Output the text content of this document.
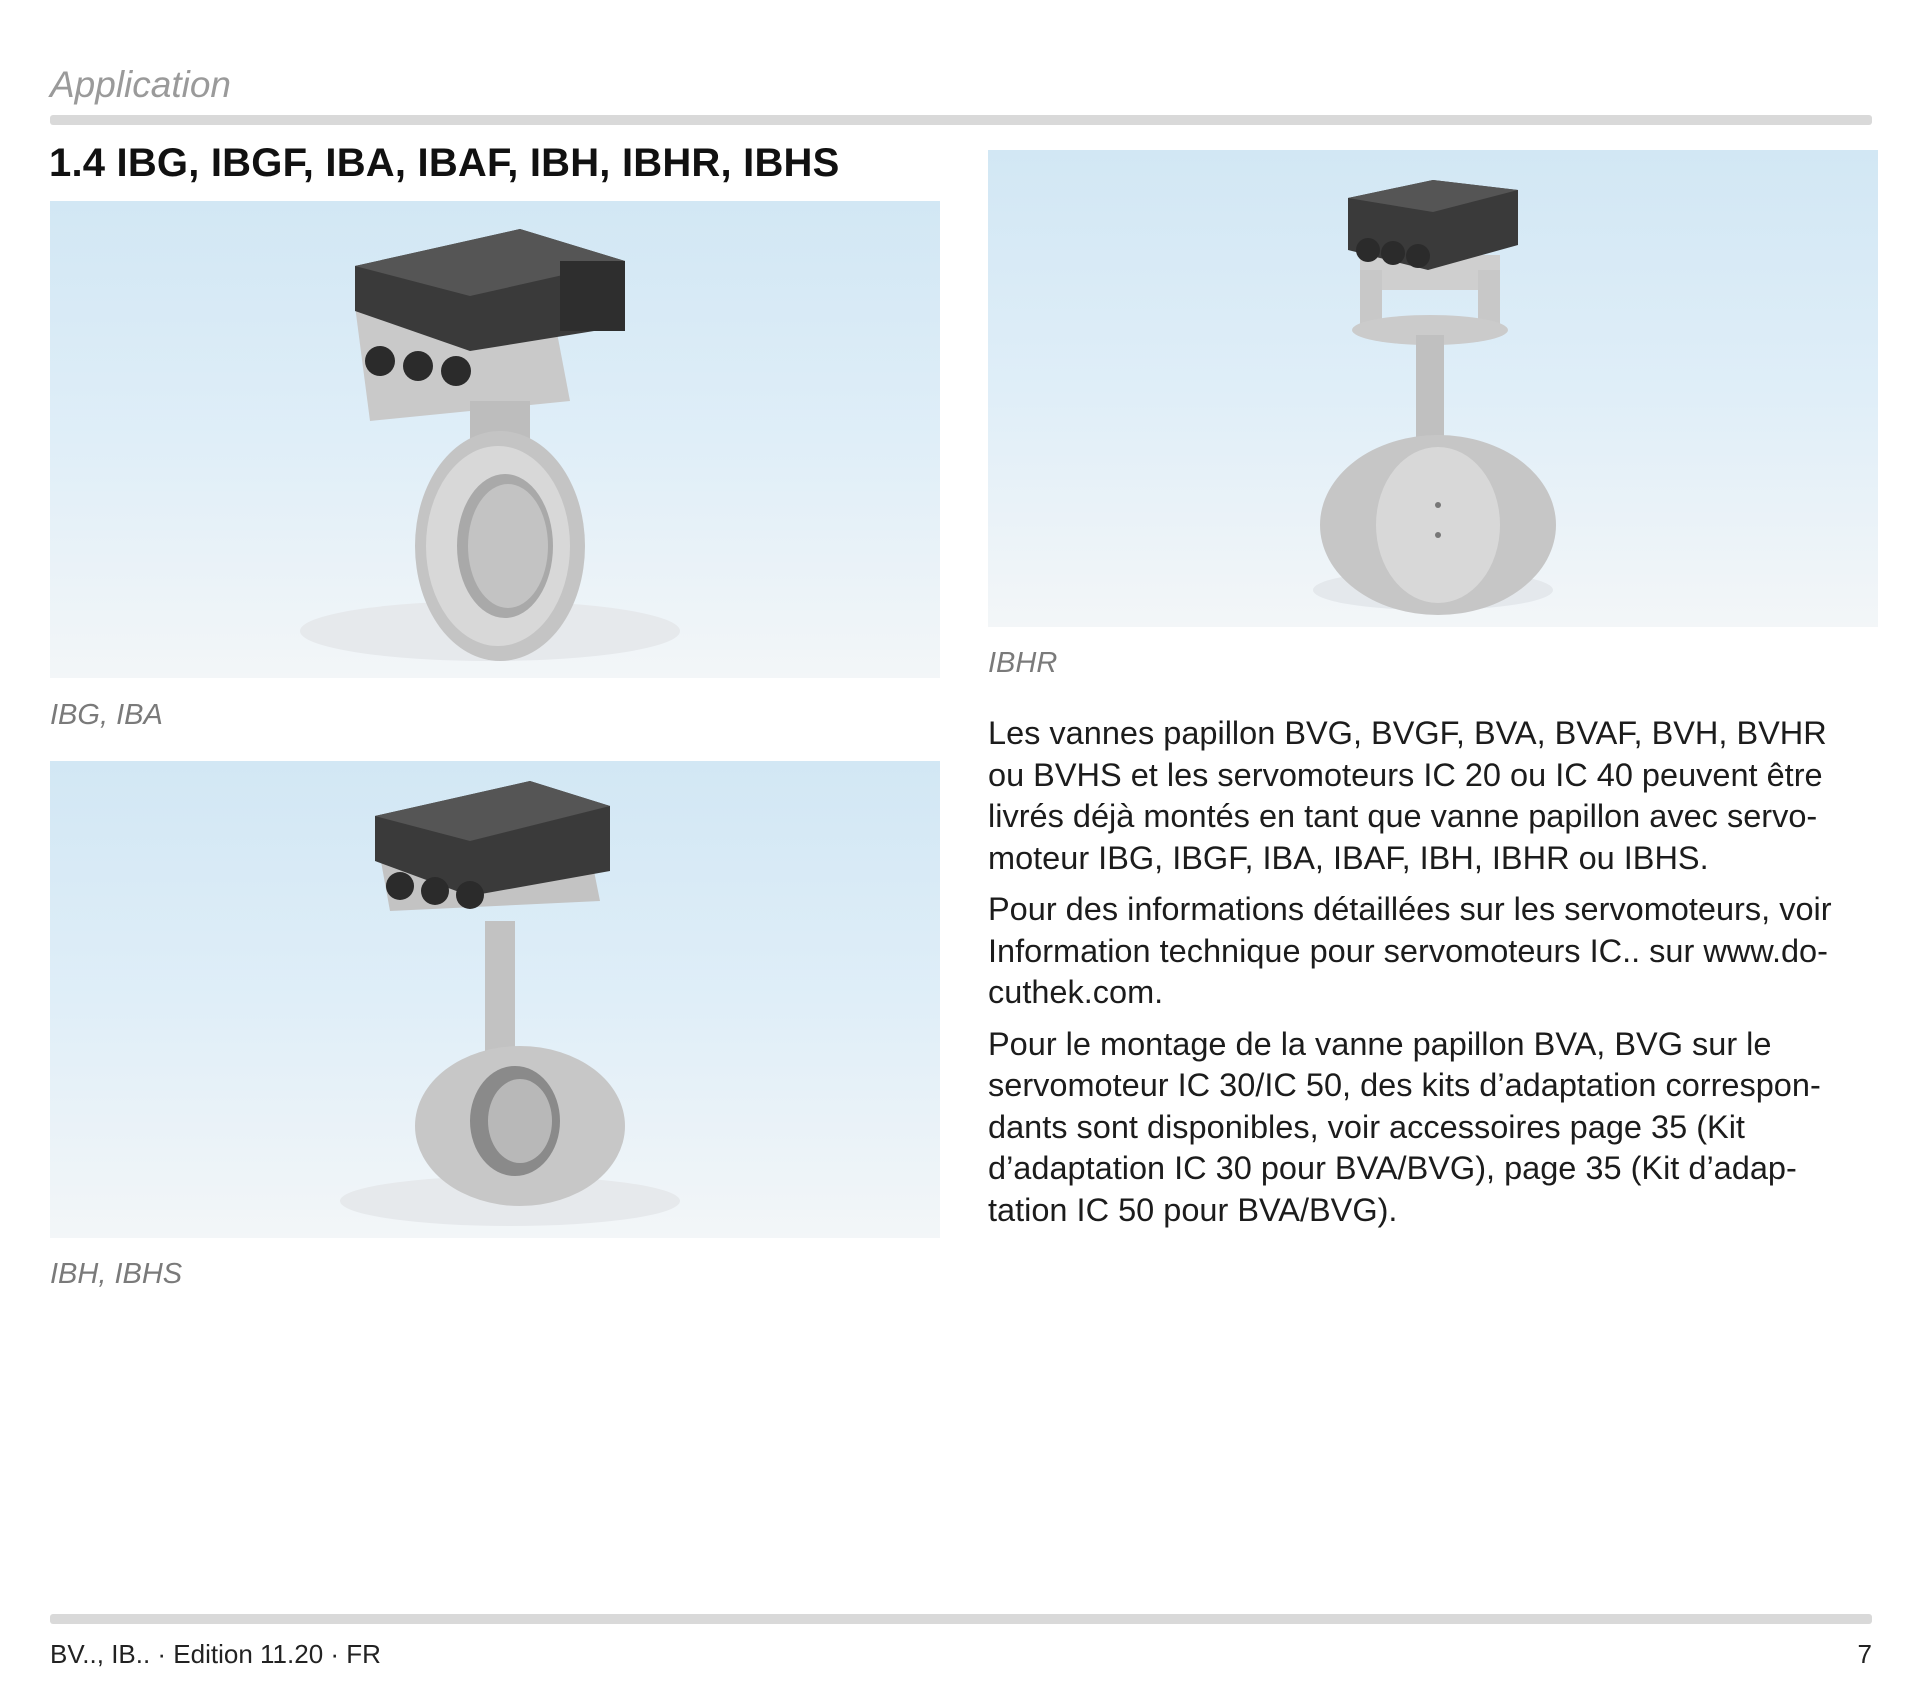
Application
1.4 IBG, IBGF, IBA, IBAF, IBH, IBHR, IBHS
IBG, IBA
IBH, IBHS
IBHR

Les vannes papillon BVG, BVGF, BVA, BVAF, BVH, BVHR ou BVHS et les servomoteurs IC 20 ou IC 40 peuvent être livrés déjà montés en tant que vanne papillon avec servo-moteur IBG, IBGF, IBA, IBAF, IBH, IBHR ou IBHS.

Pour des informations détaillées sur les servomoteurs, voir Information technique pour servomoteurs IC.. sur www.do-cuthek.com.

Pour le montage de la vanne papillon BVA, BVG sur le servomoteur IC 30/IC 50, des kits d’adaptation correspon-dants sont disponibles, voir accessoires page 35 (Kit d’adaptation IC 30 pour BVA/BVG), page 35 (Kit d’adap-tation IC 50 pour BVA/BVG).

BV.., IB.. · Edition 11.20 · FR	7
